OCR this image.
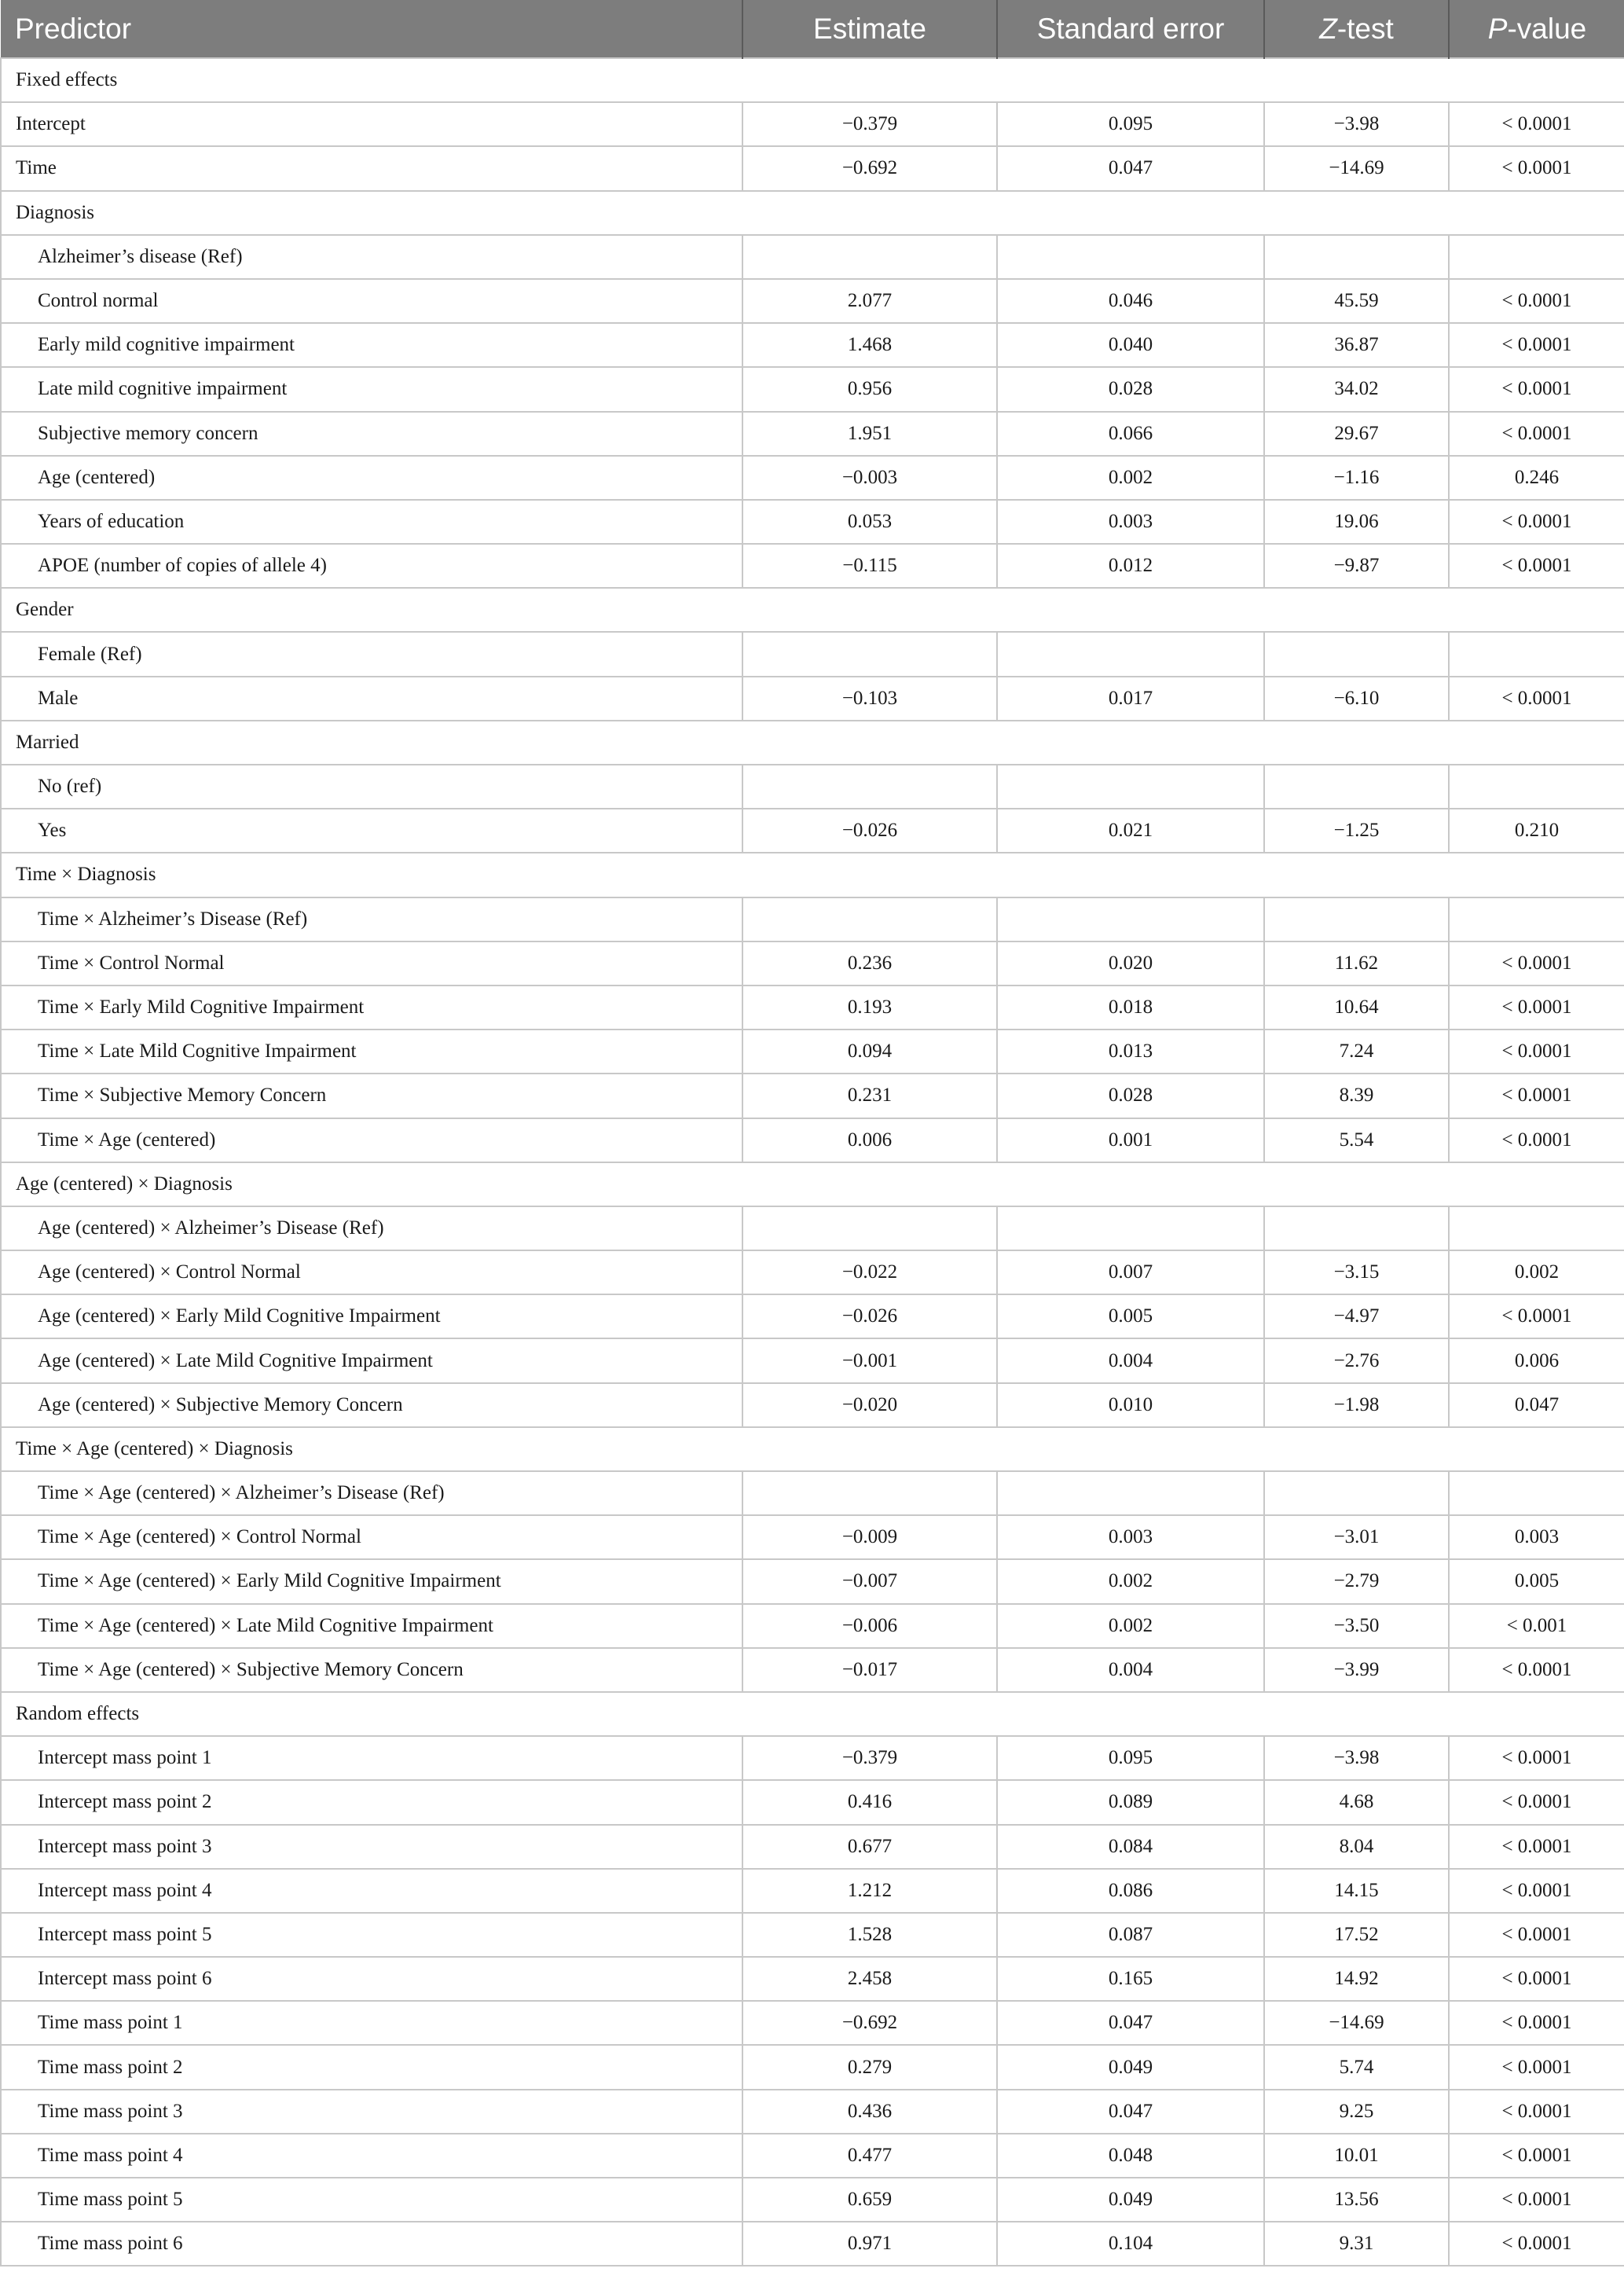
Predictor	Estimate	Standard error	Z-test	P-value
Fixed effects				
Intercept	−0.379	0.095	−3.98	< 0.0001
Time	−0.692	0.047	−14.69	< 0.0001
Diagnosis				
Alzheimer’s disease (Ref)				
Control normal	2.077	0.046	45.59	< 0.0001
Early mild cognitive impairment	1.468	0.040	36.87	< 0.0001
Late mild cognitive impairment	0.956	0.028	34.02	< 0.0001
Subjective memory concern	1.951	0.066	29.67	< 0.0001
Age (centered)	−0.003	0.002	−1.16	0.246
Years of education	0.053	0.003	19.06	< 0.0001
APOE (number of copies of allele 4)	−0.115	0.012	−9.87	< 0.0001
Gender				
Female (Ref)				
Male	−0.103	0.017	−6.10	< 0.0001
Married				
No (ref)				
Yes	−0.026	0.021	−1.25	0.210
Time × Diagnosis				
Time × Alzheimer’s Disease (Ref)				
Time × Control Normal	0.236	0.020	11.62	< 0.0001
Time × Early Mild Cognitive Impairment	0.193	0.018	10.64	< 0.0001
Time × Late Mild Cognitive Impairment	0.094	0.013	7.24	< 0.0001
Time × Subjective Memory Concern	0.231	0.028	8.39	< 0.0001
Time × Age (centered)	0.006	0.001	5.54	< 0.0001
Age (centered) × Diagnosis				
Age (centered) × Alzheimer’s Disease (Ref)				
Age (centered) × Control Normal	−0.022	0.007	−3.15	0.002
Age (centered) × Early Mild Cognitive Impairment	−0.026	0.005	−4.97	< 0.0001
Age (centered) × Late Mild Cognitive Impairment	−0.001	0.004	−2.76	0.006
Age (centered) × Subjective Memory Concern	−0.020	0.010	−1.98	0.047
Time × Age (centered) × Diagnosis				
Time × Age (centered) × Alzheimer’s Disease (Ref)				
Time × Age (centered) × Control Normal	−0.009	0.003	−3.01	0.003
Time × Age (centered) × Early Mild Cognitive Impairment	−0.007	0.002	−2.79	0.005
Time × Age (centered) × Late Mild Cognitive Impairment	−0.006	0.002	−3.50	< 0.001
Time × Age (centered) × Subjective Memory Concern	−0.017	0.004	−3.99	< 0.0001
Random effects				
Intercept mass point 1	−0.379	0.095	−3.98	< 0.0001
Intercept mass point 2	0.416	0.089	4.68	< 0.0001
Intercept mass point 3	0.677	0.084	8.04	< 0.0001
Intercept mass point 4	1.212	0.086	14.15	< 0.0001
Intercept mass point 5	1.528	0.087	17.52	< 0.0001
Intercept mass point 6	2.458	0.165	14.92	< 0.0001
Time mass point 1	−0.692	0.047	−14.69	< 0.0001
Time mass point 2	0.279	0.049	5.74	< 0.0001
Time mass point 3	0.436	0.047	9.25	< 0.0001
Time mass point 4	0.477	0.048	10.01	< 0.0001
Time mass point 5	0.659	0.049	13.56	< 0.0001
Time mass point 6	0.971	0.104	9.31	< 0.0001
